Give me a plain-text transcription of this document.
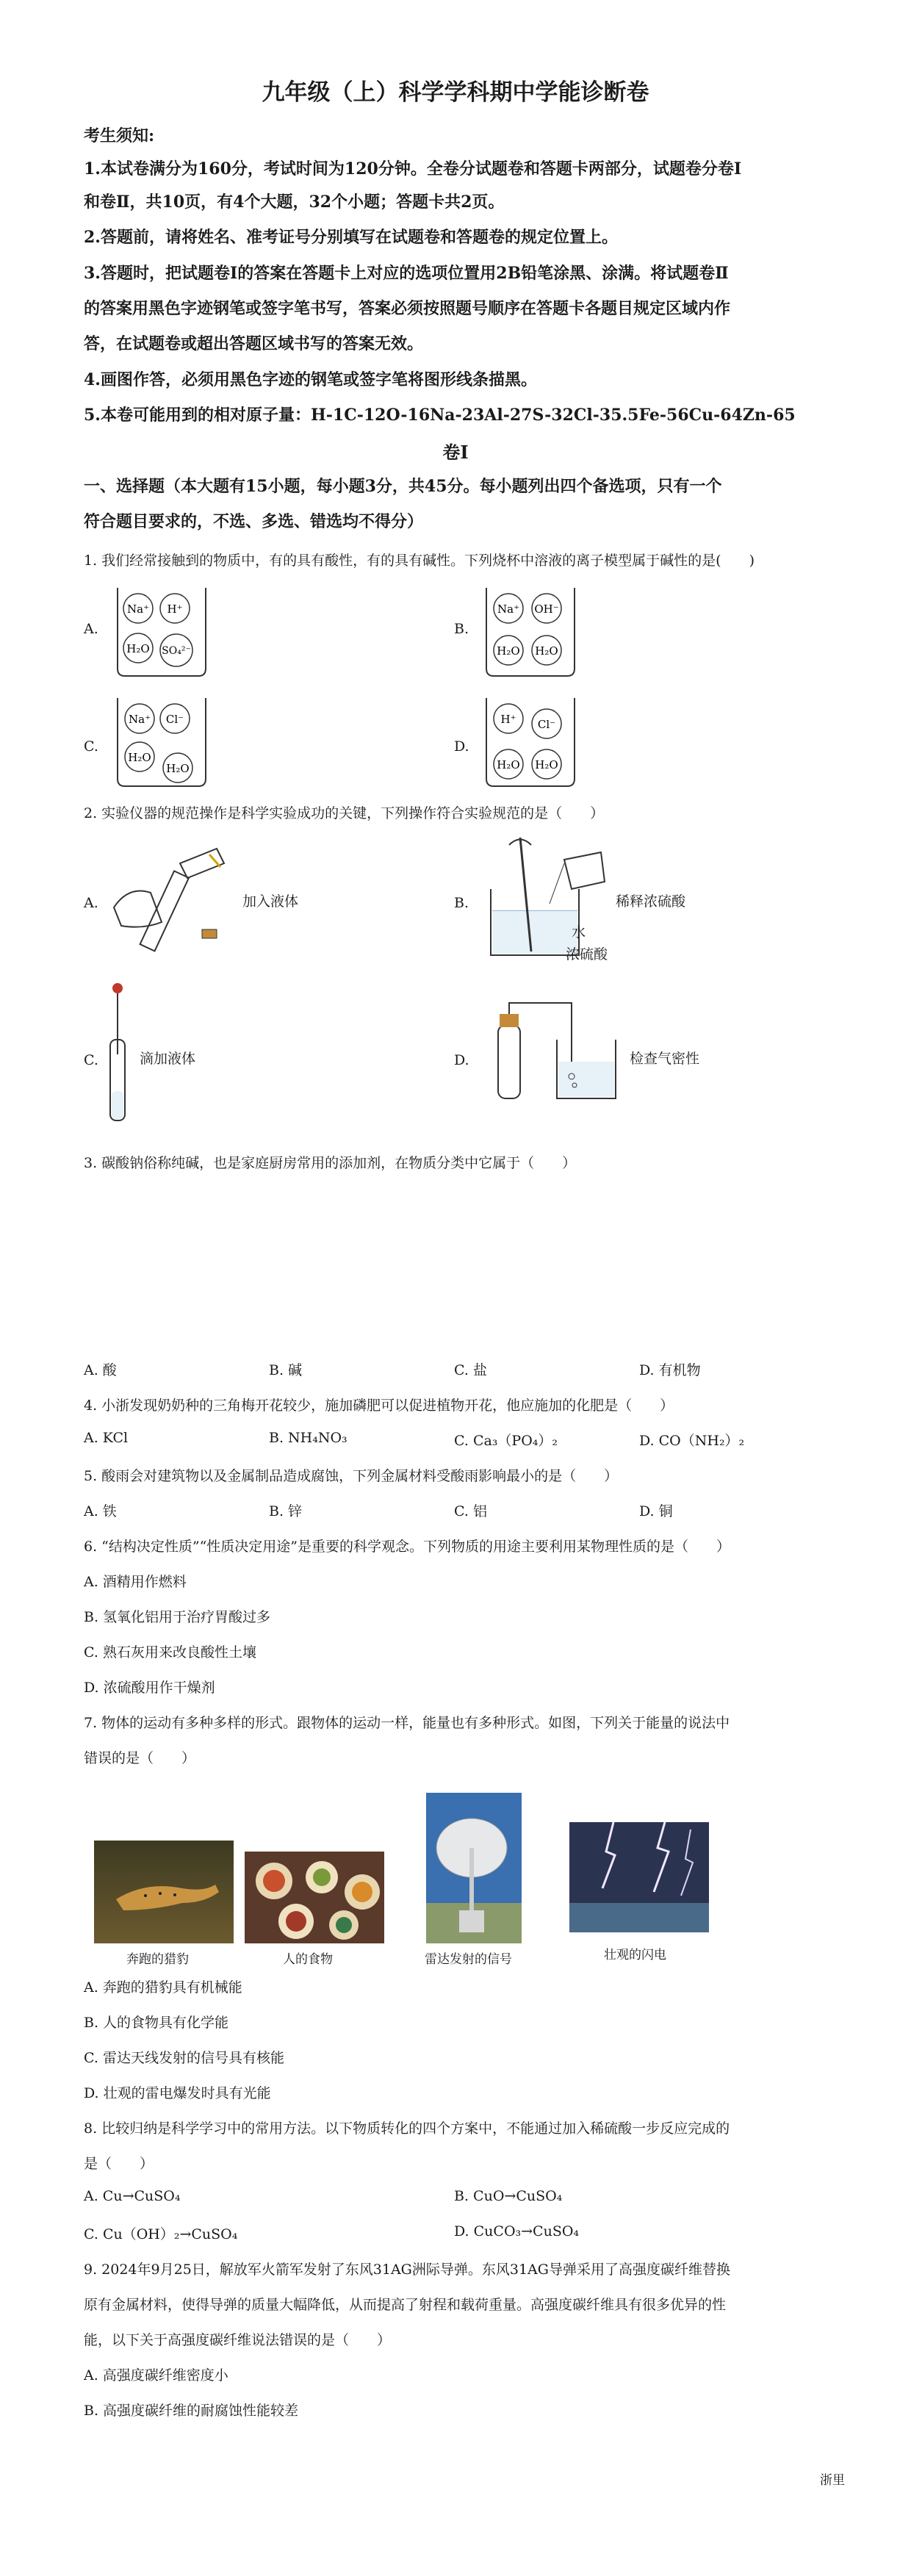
九年级（上）科学学科期中学能诊断卷
考生须知:
1.本试卷满分为160分，考试时间为120分钟。全卷分试题卷和答题卡两部分，试题卷分卷Ⅰ
和卷Ⅱ，共10页，有4个大题，32个小题；答题卡共2页。
2.答题前，请将姓名、准考证号分别填写在试题卷和答题卷的规定位置上。
3.答题时，把试题卷Ⅰ的答案在答题卡上对应的选项位置用2B铅笔涂黑、涂满。将试题卷Ⅱ
的答案用黑色字迹钢笔或签字笔书写，答案必须按照题号顺序在答题卡各题目规定区域内作
答，在试题卷或超出答题区域书写的答案无效。
4.画图作答，必须用黑色字迹的钢笔或签字笔将图形线条描黑。
5.本卷可能用到的相对原子量：H-1C-12O-16Na-23Al-27S-32Cl-35.5Fe-56Cu-64Zn-65
卷Ⅰ
一、选择题（本大题有15小题，每小题3分，共45分。每小题列出四个备选项，只有一个
符合题目要求的，不选、多选、错选均不得分）
1. 我们经常接触到的物质中，有的具有酸性，有的具有碱性。下列烧杯中溶液的离子模型属于碱性的是(　　)
A.
Na⁺ H⁺
H₂O SO₄²⁻
B.
Na⁺ OH⁻
H₂O H₂O
C.
Na⁺ Cl⁻
H₂O
H₂O
D.
H⁺ Cl⁻
H₂O H₂O
2. 实验仪器的规范操作是科学实验成功的关键，下列操作符合实验规范的是（　　）
A.	加入液体	B.	稀释浓硫酸
水
浓硫酸
C.	滴加液体	D.	检查气密性
3. 碳酸钠俗称纯碱，也是家庭厨房常用的添加剂，在物质分类中它属于（　　）
A. 酸	B. 碱	C. 盐	D. 有机物
4. 小浙发现奶奶种的三角梅开花较少，施加磷肥可以促进植物开花，他应施加的化肥是（　　）
A. KCl	B. NH₄NO₃	C. Ca₃（PO₄）₂	D. CO（NH₂）₂
5. 酸雨会对建筑物以及金属制品造成腐蚀，下列金属材料受酸雨影响最小的是（　　）
A. 铁	B. 锌	C. 铝	D. 铜
6. “结构决定性质”“性质决定用途”是重要的科学观念。下列物质的用途主要利用某物理性质的是（　　）
A. 酒精用作燃料
B. 氢氧化铝用于治疗胃酸过多
C. 熟石灰用来改良酸性土壤
D. 浓硫酸用作干燥剂
7. 物体的运动有多种多样的形式。跟物体的运动一样，能量也有多种形式。如图，下列关于能量的说法中
错误的是（　　）
奔跑的猎豹	人的食物	雷达发射的信号	壮观的闪电
A. 奔跑的猎豹具有机械能
B. 人的食物具有化学能
C. 雷达天线发射的信号具有核能
D. 壮观的雷电爆发时具有光能
8. 比较归纳是科学学习中的常用方法。以下物质转化的四个方案中，不能通过加入稀硫酸一步反应完成的
是（　　）
A. Cu→CuSO₄	B. CuO→CuSO₄
C. Cu（OH）₂→CuSO₄	D. CuCO₃→CuSO₄
9. 2024年9月25日，解放军火箭军发射了东风31AG洲际导弹。东风31AG导弹采用了高强度碳纤维替换
原有金属材料，使得导弹的质量大幅降低，从而提高了射程和载荷重量。高强度碳纤维具有很多优异的性
能，以下关于高强度碳纤维说法错误的是（　　）
A. 高强度碳纤维密度小
B. 高强度碳纤维的耐腐蚀性能较差
浙里
